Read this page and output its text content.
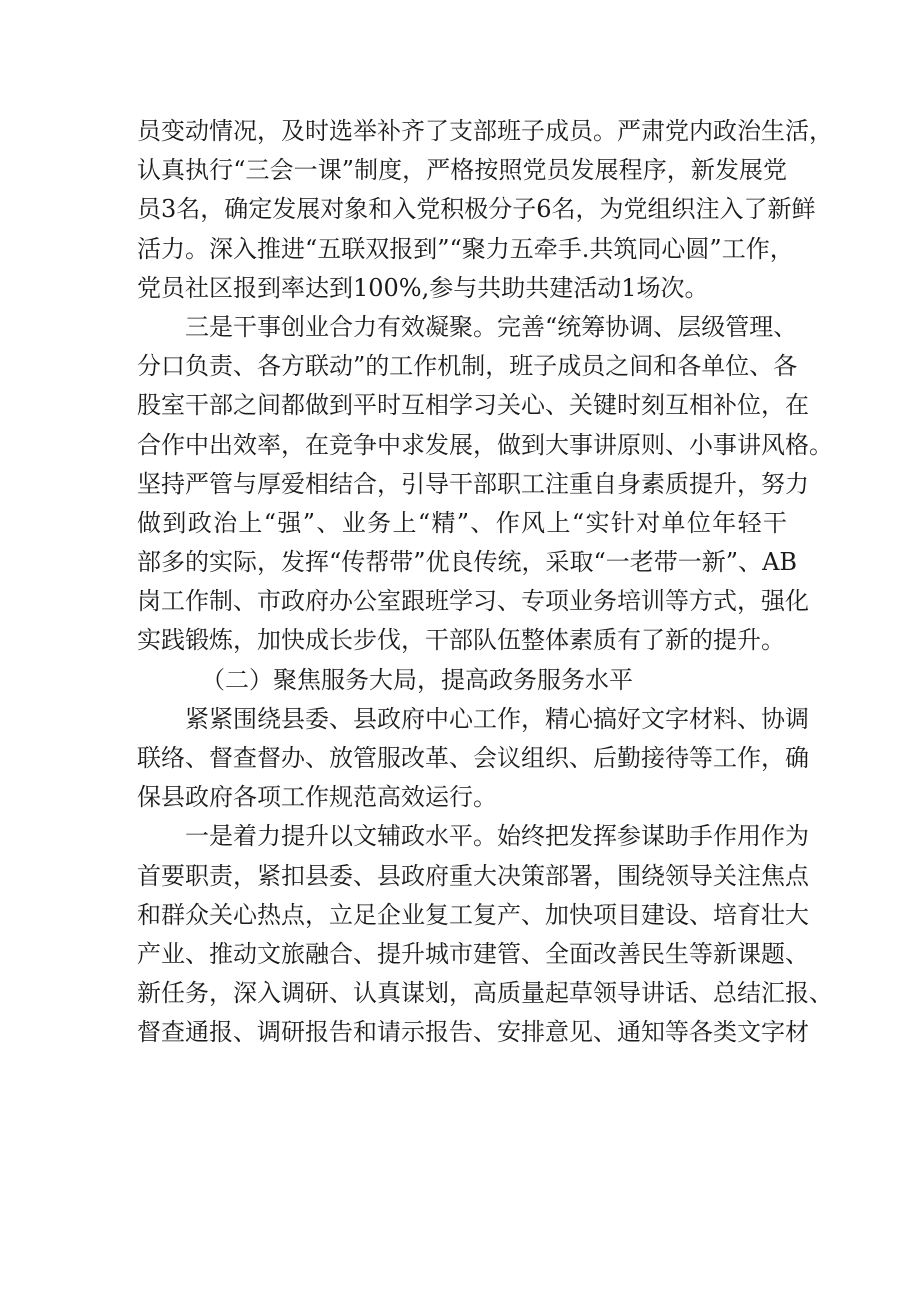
员变动情况，及时选举补齐了支部班子成员。严肃党内政治生活，
认真执行“三会一课”制度，严格按照党员发展程序，新发展党
员3名，确定发展对象和入党积极分子6名，为党组织注入了新鲜
活力。深入推进“五联双报到”“聚力五牵手.共筑同心圆”工作，
党员社区报到率达到100%,参与共助共建活动1场次。

三是干事创业合力有效凝聚。完善“统筹协调、层级管理、
分口负责、各方联动”的工作机制，班子成员之间和各单位、各
股室干部之间都做到平时互相学习关心、关键时刻互相补位，在
合作中出效率，在竞争中求发展，做到大事讲原则、小事讲风格。
坚持严管与厚爱相结合，引导干部职工注重自身素质提升，努力
做到政治上“强”、业务上“精”、作风上“实针对单位年轻干
部多的实际，发挥“传帮带”优良传统，采取“一老带一新”、AB
岗工作制、市政府办公室跟班学习、专项业务培训等方式，强化
实践锻炼，加快成长步伐，干部队伍整体素质有了新的提升。

（二）聚焦服务大局，提高政务服务水平

紧紧围绕县委、县政府中心工作，精心搞好文字材料、协调
联络、督查督办、放管服改革、会议组织、后勤接待等工作，确
保县政府各项工作规范高效运行。

一是着力提升以文辅政水平。始终把发挥参谋助手作用作为
首要职责，紧扣县委、县政府重大决策部署，围绕领导关注焦点
和群众关心热点，立足企业复工复产、加快项目建设、培育壮大
产业、推动文旅融合、提升城市建管、全面改善民生等新课题、
新任务，深入调研、认真谋划，高质量起草领导讲话、总结汇报、
督查通报、调研报告和请示报告、安排意见、通知等各类文字材
